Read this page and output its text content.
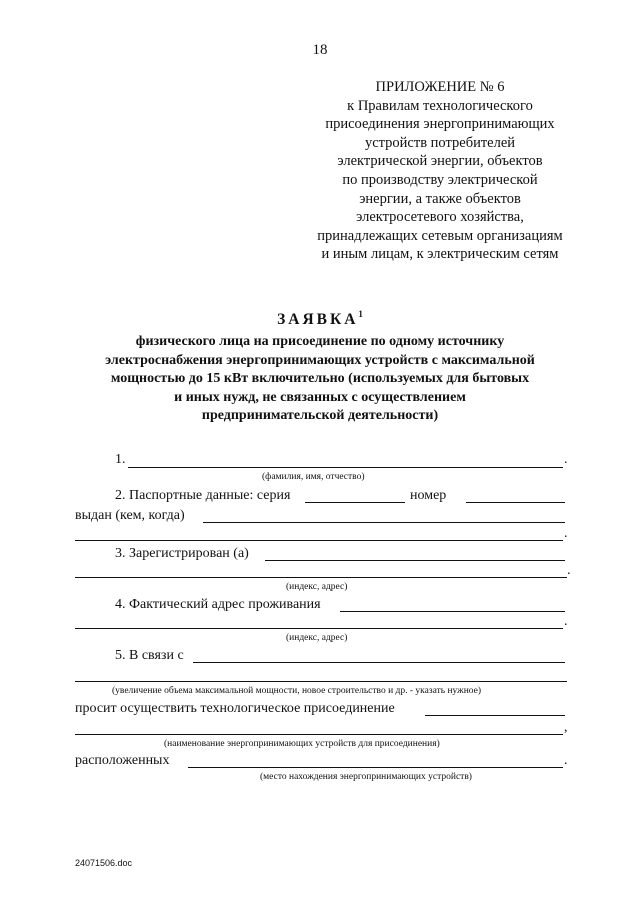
18
ПРИЛОЖЕНИЕ № 6
к Правилам технологического
присоединения энергопринимающих
устройств потребителей
электрической энергии, объектов
по производству электрической
энергии, а также объектов
электросетевого хозяйства,
принадлежащих сетевым организациям
и иным лицам, к электрическим сетям
ЗАЯВКА$^1$
физического лица на присоединение по одному источнику
электроснабжения энергопринимающих устройств с максимальной
мощностью до 15 кВт включительно (используемых для бытовых
и иных нужд, не связанных с осуществлением
предпринимательской деятельности)
1.	.
(фамилия, имя, отчество)
2. Паспортные данные: серия	номер
выдан (кем, когда)
.
3. Зарегистрирован (а)
.
(индекс, адрес)
4. Фактический адрес проживания
.
(индекс, адрес)
5. В связи с
(увеличение объема максимальной мощности, новое строительство и др. - указать нужное)
просит осуществить технологическое присоединение
,
(наименование энергопринимающих устройств для присоединения)
расположенных	.
(место нахождения энергопринимающих устройств)
24071506.doc
